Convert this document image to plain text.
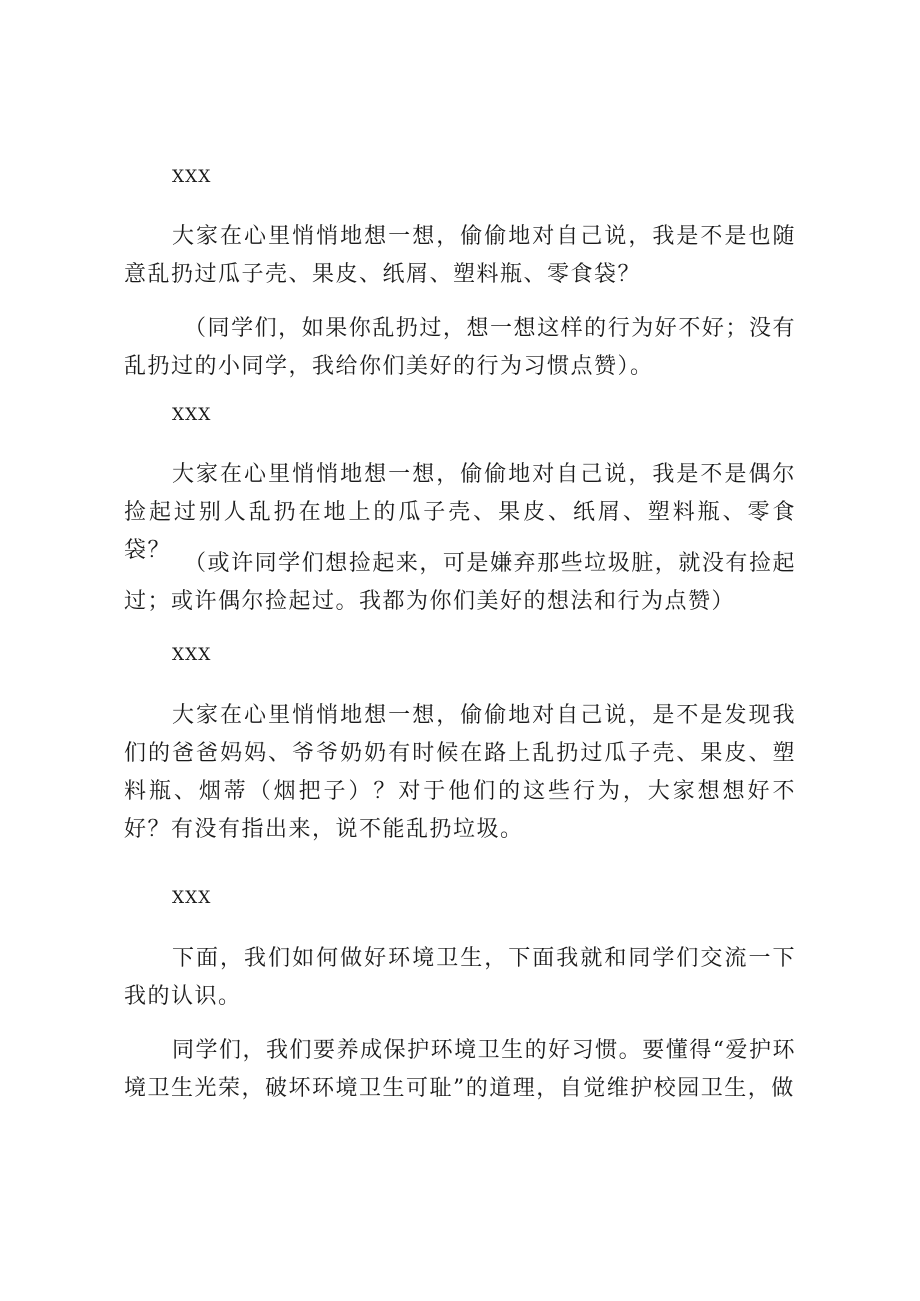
XXX

大家在心里悄悄地想一想，偷偷地对自己说，我是不是也随意乱扔过瓜子壳、果皮、纸屑、塑料瓶、零食袋？

（同学们，如果你乱扔过，想一想这样的行为好不好；没有乱扔过的小同学，我给你们美好的行为习惯点赞）。

XXX

大家在心里悄悄地想一想，偷偷地对自己说，我是不是偶尔捡起过别人乱扔在地上的瓜子壳、果皮、纸屑、塑料瓶、零食袋？

（或许同学们想捡起来，可是嫌弃那些垃圾脏，就没有捡起过；或许偶尔捡起过。我都为你们美好的想法和行为点赞）

XXX

大家在心里悄悄地想一想，偷偷地对自己说，是不是发现我们的爸爸妈妈、爷爷奶奶有时候在路上乱扔过瓜子壳、果皮、塑料瓶、烟蒂（烟把子）？对于他们的这些行为，大家想想好不好？有没有指出来，说不能乱扔垃圾。

XXX

下面，我们如何做好环境卫生，下面我就和同学们交流一下我的认识。

同学们，我们要养成保护环境卫生的好习惯。要懂得“爱护环境卫生光荣，破坏环境卫生可耻”的道理，自觉维护校园卫生，做
